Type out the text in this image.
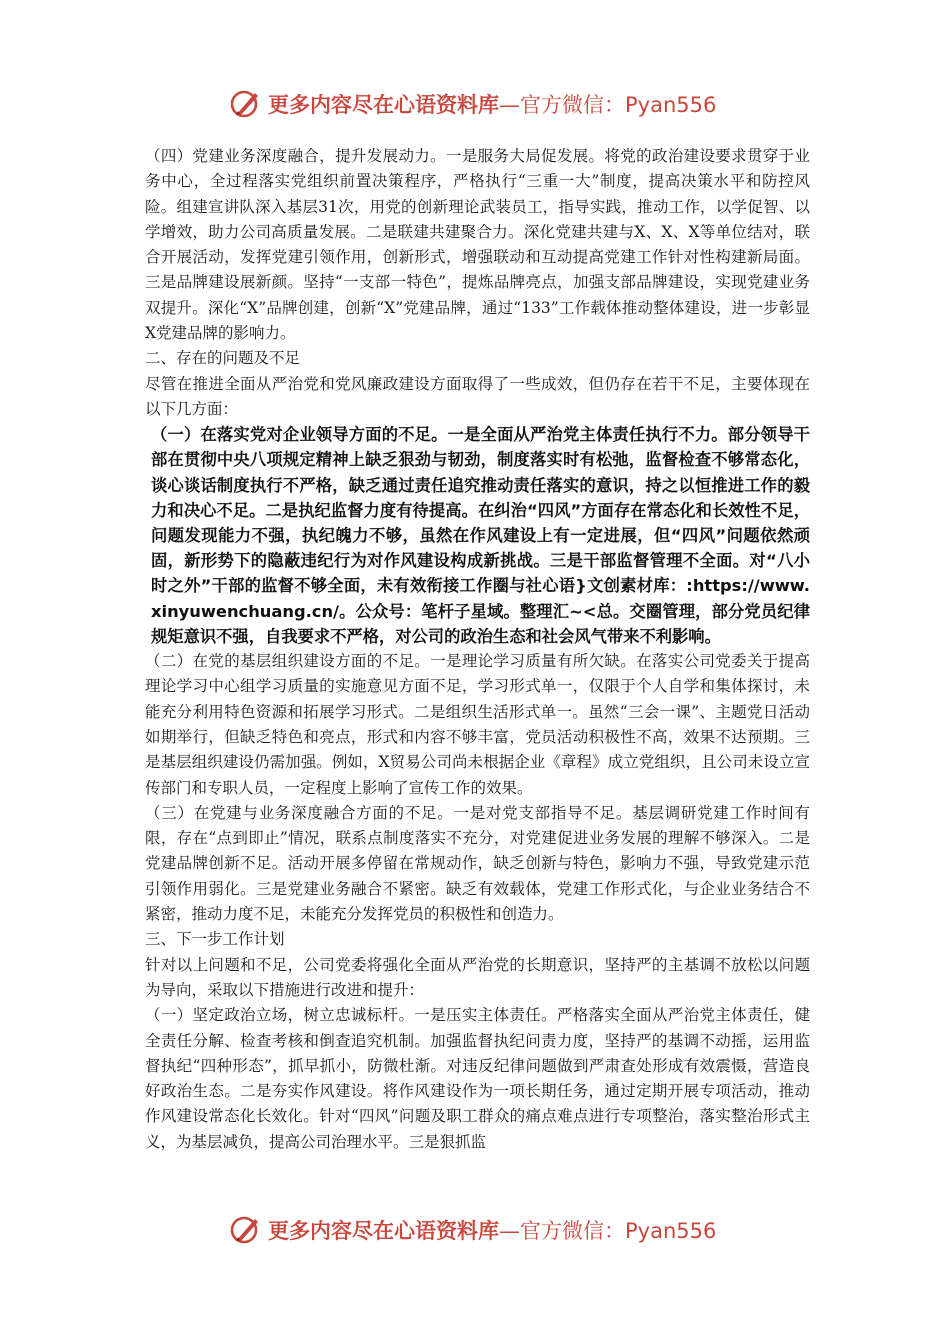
更多内容尽在心语资料库—官方微信：Pyan556

（四）党建业务深度融合，提升发展动力。一是服务大局促发展。将党的政治建设要求贯穿于业务中心，全过程落实党组织前置决策程序，严格执行“三重一大”制度，提高决策水平和防控风险。组建宣讲队深入基层31次，用党的创新理论武装员工，指导实践，推动工作，以学促智、以学增效，助力公司高质量发展。二是联建共建聚合力。深化党建共建与X、X、X等单位结对，联合开展活动，发挥党建引领作用，创新形式，增强联动和互动提高党建工作针对性构建新局面。三是品牌建设展新颜。坚持“一支部一特色”，提炼品牌亮点，加强支部品牌建设，实现党建业务双提升。深化“X”品牌创建，创新“X”党建品牌，通过“133”工作载体推动整体建设，进一步彰显X党建品牌的影响力。

二、存在的问题及不足

尽管在推进全面从严治党和党风廉政建设方面取得了一些成效，但仍存在若干不足，主要体现在以下几方面：

（一）在落实党对企业领导方面的不足。一是全面从严治党主体责任执行不力。部分领导干部在贯彻中央八项规定精神上缺乏狠劲与韧劲，制度落实时有松弛，监督检查不够常态化，谈心谈话制度执行不严格，缺乏通过责任追究推动责任落实的意识，持之以恒推进工作的毅力和决心不足。二是执纪监督力度有待提高。在纠治“四风”方面存在常态化和长效性不足，问题发现能力不强，执纪魄力不够，虽然在作风建设上有一定进展，但“四风”问题依然顽固，新形势下的隐蔽违纪行为对作风建设构成新挑战。三是干部监督管理不全面。对“八小时之外”干部的监督不够全面，未有效衔接工作圈与社心语}文创素材库：:https://www.xinyuwenchuang.cn/。公众号：笔杆子星域。整理汇~<总。交圈管理，部分党员纪律规矩意识不强，自我要求不严格，对公司的政治生态和社会风气带来不利影响。

（二）在党的基层组织建设方面的不足。一是理论学习质量有所欠缺。在落实公司党委关于提高理论学习中心组学习质量的实施意见方面不足，学习形式单一，仅限于个人自学和集体探讨，未能充分利用特色资源和拓展学习形式。二是组织生活形式单一。虽然“三会一课”、主题党日活动如期举行，但缺乏特色和亮点，形式和内容不够丰富，党员活动积极性不高，效果不达预期。三是基层组织建设仍需加强。例如，X贸易公司尚未根据企业《章程》成立党组织，且公司未设立宣传部门和专职人员，一定程度上影响了宣传工作的效果。

（三）在党建与业务深度融合方面的不足。一是对党支部指导不足。基层调研党建工作时间有限，存在“点到即止”情况，联系点制度落实不充分，对党建促进业务发展的理解不够深入。二是党建品牌创新不足。活动开展多停留在常规动作，缺乏创新与特色，影响力不强，导致党建示范引领作用弱化。三是党建业务融合不紧密。缺乏有效载体，党建工作形式化，与企业业务结合不紧密，推动力度不足，未能充分发挥党员的积极性和创造力。

三、下一步工作计划

针对以上问题和不足，公司党委将强化全面从严治党的长期意识，坚持严的主基调不放松以问题为导向，采取以下措施进行改进和提升：

（一）坚定政治立场，树立忠诚标杆。一是压实主体责任。严格落实全面从严治党主体责任，健全责任分解、检查考核和倒查追究机制。加强监督执纪问责力度，坚持严的基调不动摇，运用监督执纪“四种形态”，抓早抓小，防微杜渐。对违反纪律问题做到严肃查处形成有效震慑，营造良好政治生态。二是夯实作风建设。将作风建设作为一项长期任务，通过定期开展专项活动，推动作风建设常态化长效化。针对“四风”问题及职工群众的痛点难点进行专项整治，落实整治形式主义，为基层减负，提高公司治理水平。三是狠抓监

更多内容尽在心语资料库—官方微信：Pyan556
